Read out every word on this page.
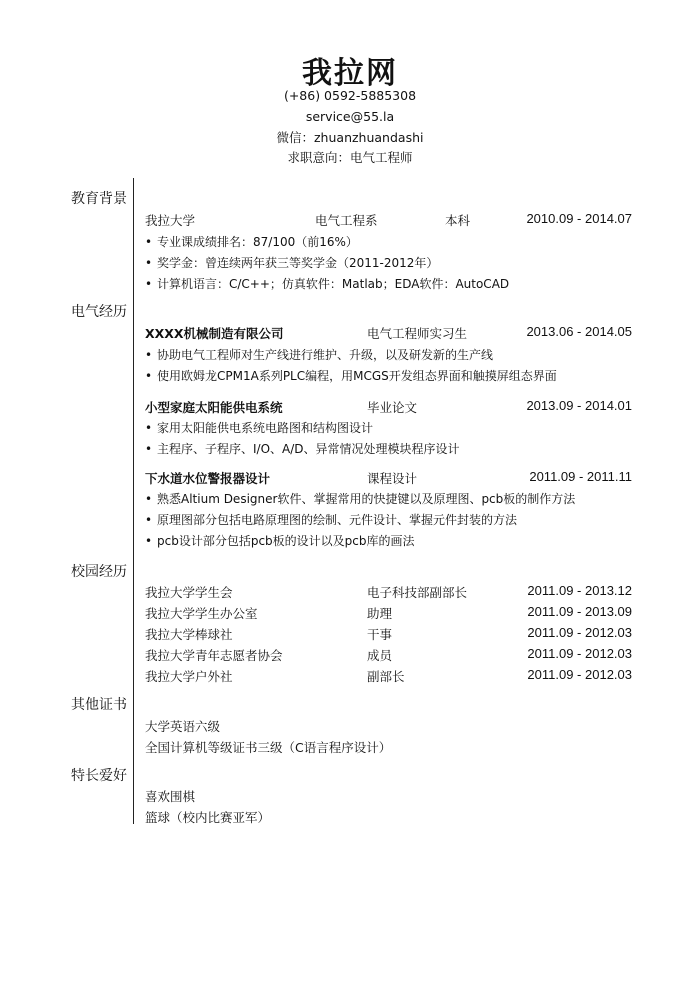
我拉网
(+86) 0592-5885308
service@55.la
微信：zhuanzhuandashi
求职意向：电气工程师
教育背景
电气经历
校园经历
其他证书
特长爱好
我拉大学	电气工程系	本科	2010.09 - 2014.07
• 专业课成绩排名：87/100（前16%）
• 奖学金：曾连续两年获三等奖学金（2011-2012年）
• 计算机语言：C/C++；仿真软件：Matlab；EDA软件：AutoCAD
XXXX机械制造有限公司	电气工程师实习生	2013.06 - 2014.05
• 协助电气工程师对生产线进行维护、升级，以及研发新的生产线
• 使用欧姆龙CPM1A系列PLC编程，用MCGS开发组态界面和触摸屏组态界面
小型家庭太阳能供电系统	毕业论文	2013.09 - 2014.01
• 家用太阳能供电系统电路图和结构图设计
• 主程序、子程序、I/O、A/D、异常情况处理模块程序设计
下水道水位警报器设计	课程设计	2011.09 - 2011.11
• 熟悉Altium Designer软件、掌握常用的快捷键以及原理图、pcb板的制作方法
• 原理图部分包括电路原理图的绘制、元件设计、掌握元件封装的方法
• pcb设计部分包括pcb板的设计以及pcb库的画法
我拉大学学生会	电子科技部副部长	2011.09 - 2013.12
我拉大学学生办公室	助理	2011.09 - 2013.09
我拉大学棒球社	干事	2011.09 - 2012.03
我拉大学青年志愿者协会	成员	2011.09 - 2012.03
我拉大学户外社	副部长	2011.09 - 2012.03
大学英语六级
全国计算机等级证书三级（C语言程序设计）
喜欢围棋
篮球（校内比赛亚军）
